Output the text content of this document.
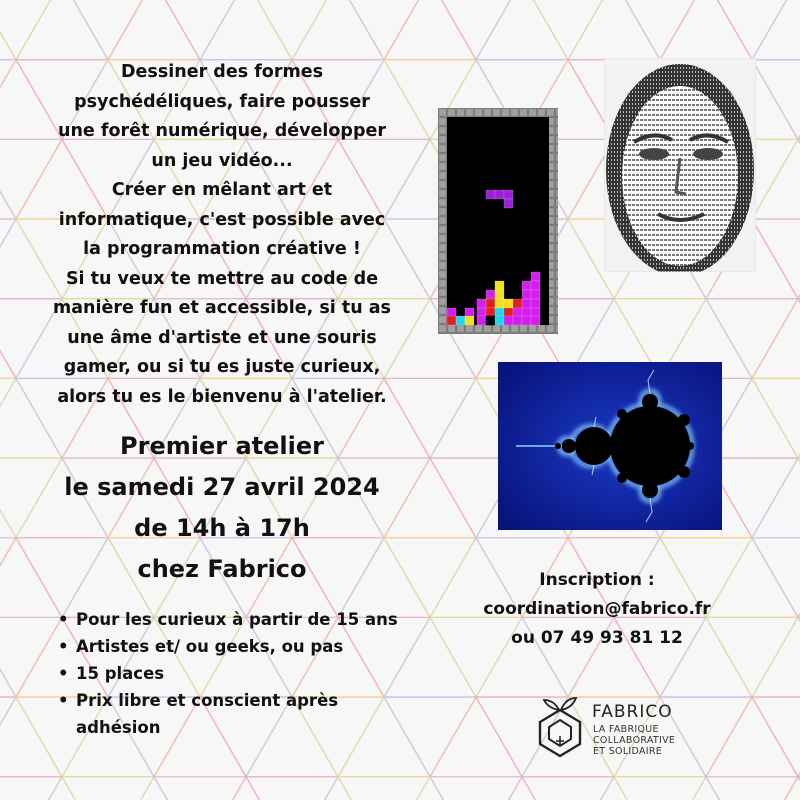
Dessiner des formes
psychédéliques, faire pousser
une forêt numérique, développer
un jeu vidéo...
Créer en mêlant art et
informatique, c'est possible avec
la programmation créative !
Si tu veux te mettre au code de
manière fun et accessible, si tu as
une âme d'artiste et une souris
gamer, ou si tu es juste curieux,
alors tu es le bienvenu à l'atelier.
Premier atelier
le samedi 27 avril 2024
de 14h à 17h
chez Fabrico
• Pour les curieux à partir de 15 ans
• Artistes et/ ou geeks, ou pas
• 15 places
• Prix libre et conscient après adhésion
Inscription :
coordination@fabrico.fr
ou 07 49 93 81 12
FABRICO
LA FABRIQUE
COLLABORATIVE
ET SOLIDAIRE
